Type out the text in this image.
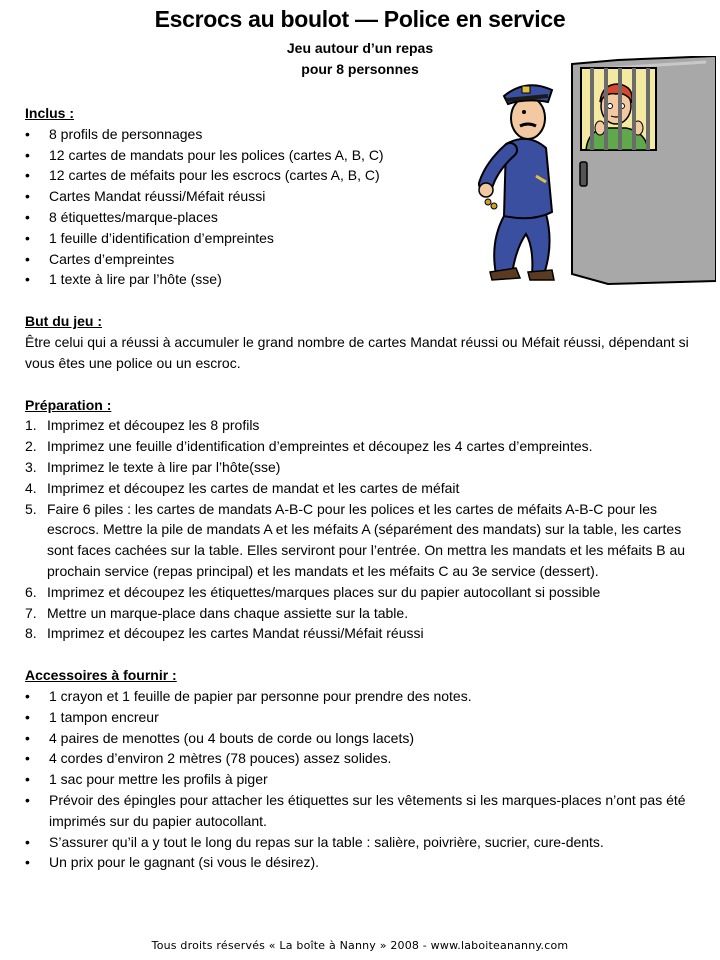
Escrocs au boulot — Police en service
Jeu autour d’un repas
pour 8 personnes
Inclus :
•	8 profils de personnages
•	12 cartes de mandats pour les polices (cartes A, B, C)
•	12 cartes de méfaits pour les escrocs (cartes A, B, C)
•	Cartes Mandat réussi/Méfait réussi
•	8 étiquettes/marque-places
•	1 feuille d’identification d’empreintes
•	Cartes d’empreintes
•	1 texte à lire par l’hôte (sse)
But du jeu :
Être celui qui a réussi à accumuler le grand nombre de cartes Mandat réussi ou Méfait réussi, dépendant si vous êtes une police ou un escroc.
Préparation :
1. Imprimez et découpez les 8 profils
2. Imprimez une feuille d’identification d’empreintes et découpez les 4 cartes d’empreintes.
3. Imprimez le texte à lire par l’hôte(sse)
4. Imprimez et découpez les cartes de mandat et les cartes de méfait
5. Faire 6 piles : les cartes de mandats A-B-C pour les polices et les cartes de méfaits A-B-C pour les escrocs. Mettre la pile de mandats A et les méfaits A (séparément des mandats) sur la table, les cartes sont faces cachées sur la table. Elles serviront pour l’entrée. On mettra les mandats et les méfaits B au prochain service (repas principal) et les mandats et les méfaits C au 3e service (dessert).
6. Imprimez et découpez les étiquettes/marques places sur du papier autocollant si possible
7. Mettre un marque-place dans chaque assiette sur la table.
8. Imprimez et découpez les cartes Mandat réussi/Méfait réussi
Accessoires à fournir :
•	1 crayon et 1 feuille de papier par personne pour prendre des notes.
•	1 tampon encreur
•	4 paires de menottes (ou 4 bouts de corde ou longs lacets)
•	4 cordes d’environ 2 mètres (78 pouces) assez solides.
•	1 sac pour mettre les profils à piger
•	Prévoir des épingles pour attacher les étiquettes sur les vêtements si les marques-places n’ont pas été imprimés sur du papier autocollant.
•	S’assurer qu’il a y tout le long du repas sur la table : salière, poivrière, sucrier, cure-dents.
•	Un prix pour le gagnant (si vous le désirez).
Tous droits réservés « La boîte à Nanny » 2008 - www.laboiteananny.com
